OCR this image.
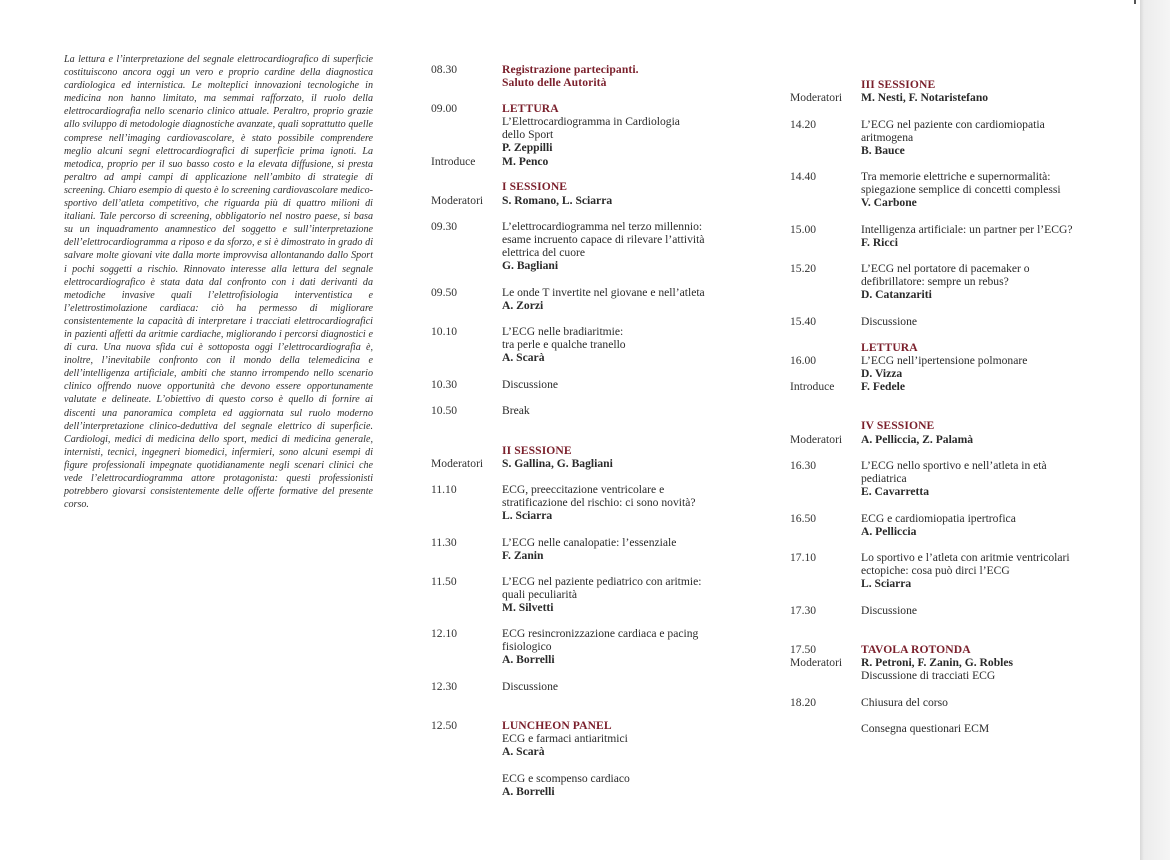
La lettura e l’interpretazione del segnale elettrocardiografico di superficie costituiscono ancora oggi un vero e proprio cardine della diagnostica cardiologica ed internistica. Le molteplici innovazioni tecnologiche in medicina non hanno limitato, ma semmai rafforzato, il ruolo della elettrocardiografia nello scenario clinico attuale. Peraltro, proprio grazie allo sviluppo di metodologie diagnostiche avanzate, quali soprattutto quelle comprese nell’imaging cardiovascolare, è stato possibile comprendere meglio alcuni segni elettrocardiografici di superficie prima ignoti. La metodica, proprio per il suo basso costo e la elevata diffusione, si presta peraltro ad ampi campi di applicazione nell’ambito di strategie di screening. Chiaro esempio di questo è lo screening cardiovascolare medico-sportivo dell’atleta competitivo, che riguarda più di quattro milioni di italiani. Tale percorso di screening, obbligatorio nel nostro paese, si basa su un inquadramento anamnestico del soggetto e sull’interpretazione dell’elettrocardiogramma a riposo e da sforzo, e si è dimostrato in grado di salvare molte giovani vite dalla morte improvvisa allontanando dallo Sport i pochi soggetti a rischio. Rinnovato interesse alla lettura del segnale elettrocardiografico è stata data dal confronto con i dati derivanti da metodiche invasive quali l’elettrofisiologia interventistica e l’elettrostimolazione cardiaca: ciò ha permesso di migliorare consistentemente la capacità di interpretare i tracciati elettrocardiografici in pazienti affetti da aritmie cardiache, migliorando i percorsi diagnostici e di cura. Una nuova sfida cui è sottoposta oggi l’elettrocardiografia è, inoltre, l’inevitabile confronto con il mondo della telemedicina e dell’intelligenza artificiale, ambiti che stanno irrompendo nello scenario clinico offrendo nuove opportunità che devono essere opportunamente valutate e delineate. L’obiettivo di questo corso è quello di fornire ai discenti una panoramica completa ed aggiornata sul ruolo moderno dell’interpretazione clinico-deduttiva del segnale elettrico di superficie. Cardiologi, medici di medicina dello sport, medici di medicina generale, internisti, tecnici, ingegneri biomedici, infermieri, sono alcuni esempi di figure professionali impegnate quotidianamente negli scenari clinici che vede l’elettrocardiogramma attore protagonista: questi professionisti potrebbero giovarsi consistentemente delle offerte formative del presente corso.

08.30	Registrazione partecipanti.
Saluto delle Autorità
09.00	LETTURA
L’Elettrocardiogramma in Cardiologia
dello Sport
P. Zeppilli
Introduce	M. Penco
I SESSIONE
Moderatori	S. Romano, L. Sciarra
09.30	L’elettrocardiogramma nel terzo millennio:
esame incruento capace di rilevare l’attività
elettrica del cuore
G. Bagliani
09.50	Le onde T invertite nel giovane e nell’atleta
A. Zorzi
10.10	L’ECG nelle bradiaritmie:
tra perle e qualche tranello
A. Scarà
10.30	Discussione
10.50	Break
II SESSIONE
Moderatori	S. Gallina, G. Bagliani
11.10	ECG, preeccitazione ventricolare e
stratificazione del rischio: ci sono novità?
L. Sciarra
11.30	L’ECG nelle canalopatie: l’essenziale
F. Zanin
11.50	L’ECG nel paziente pediatrico con aritmie:
quali peculiarità
M. Silvetti
12.10	ECG resincronizzazione cardiaca e pacing
fisiologico
A. Borrelli
12.30	Discussione
12.50	LUNCHEON PANEL
ECG e farmaci antiaritmici
A. Scarà
ECG e scompenso cardiaco
A. Borrelli
III SESSIONE
Moderatori	M. Nesti, F. Notaristefano
14.20	L’ECG nel paziente con cardiomiopatia
aritmogena
B. Bauce
14.40	Tra memorie elettriche e supernormalità:
spiegazione semplice di concetti complessi
V. Carbone
15.00	Intelligenza artificiale: un partner per l’ECG?
F. Ricci
15.20	L’ECG nel portatore di pacemaker o
defibrillatore: sempre un rebus?
D. Catanzariti
15.40	Discussione
LETTURA
16.00	L’ECG nell’ipertensione polmonare
D. Vizza
Introduce	F. Fedele
IV SESSIONE
Moderatori	A. Pelliccia, Z. Palamà
16.30	L’ECG nello sportivo e nell’atleta in età
pediatrica
E. Cavarretta
16.50	ECG e cardiomiopatia ipertrofica
A. Pelliccia
17.10	Lo sportivo e l’atleta con aritmie ventricolari
ectopiche: cosa può dirci l’ECG
L. Sciarra
17.30	Discussione
17.50	TAVOLA ROTONDA
Moderatori	R. Petroni, F. Zanin, G. Robles
Discussione di tracciati ECG
18.20	Chiusura del corso
Consegna questionari ECM
